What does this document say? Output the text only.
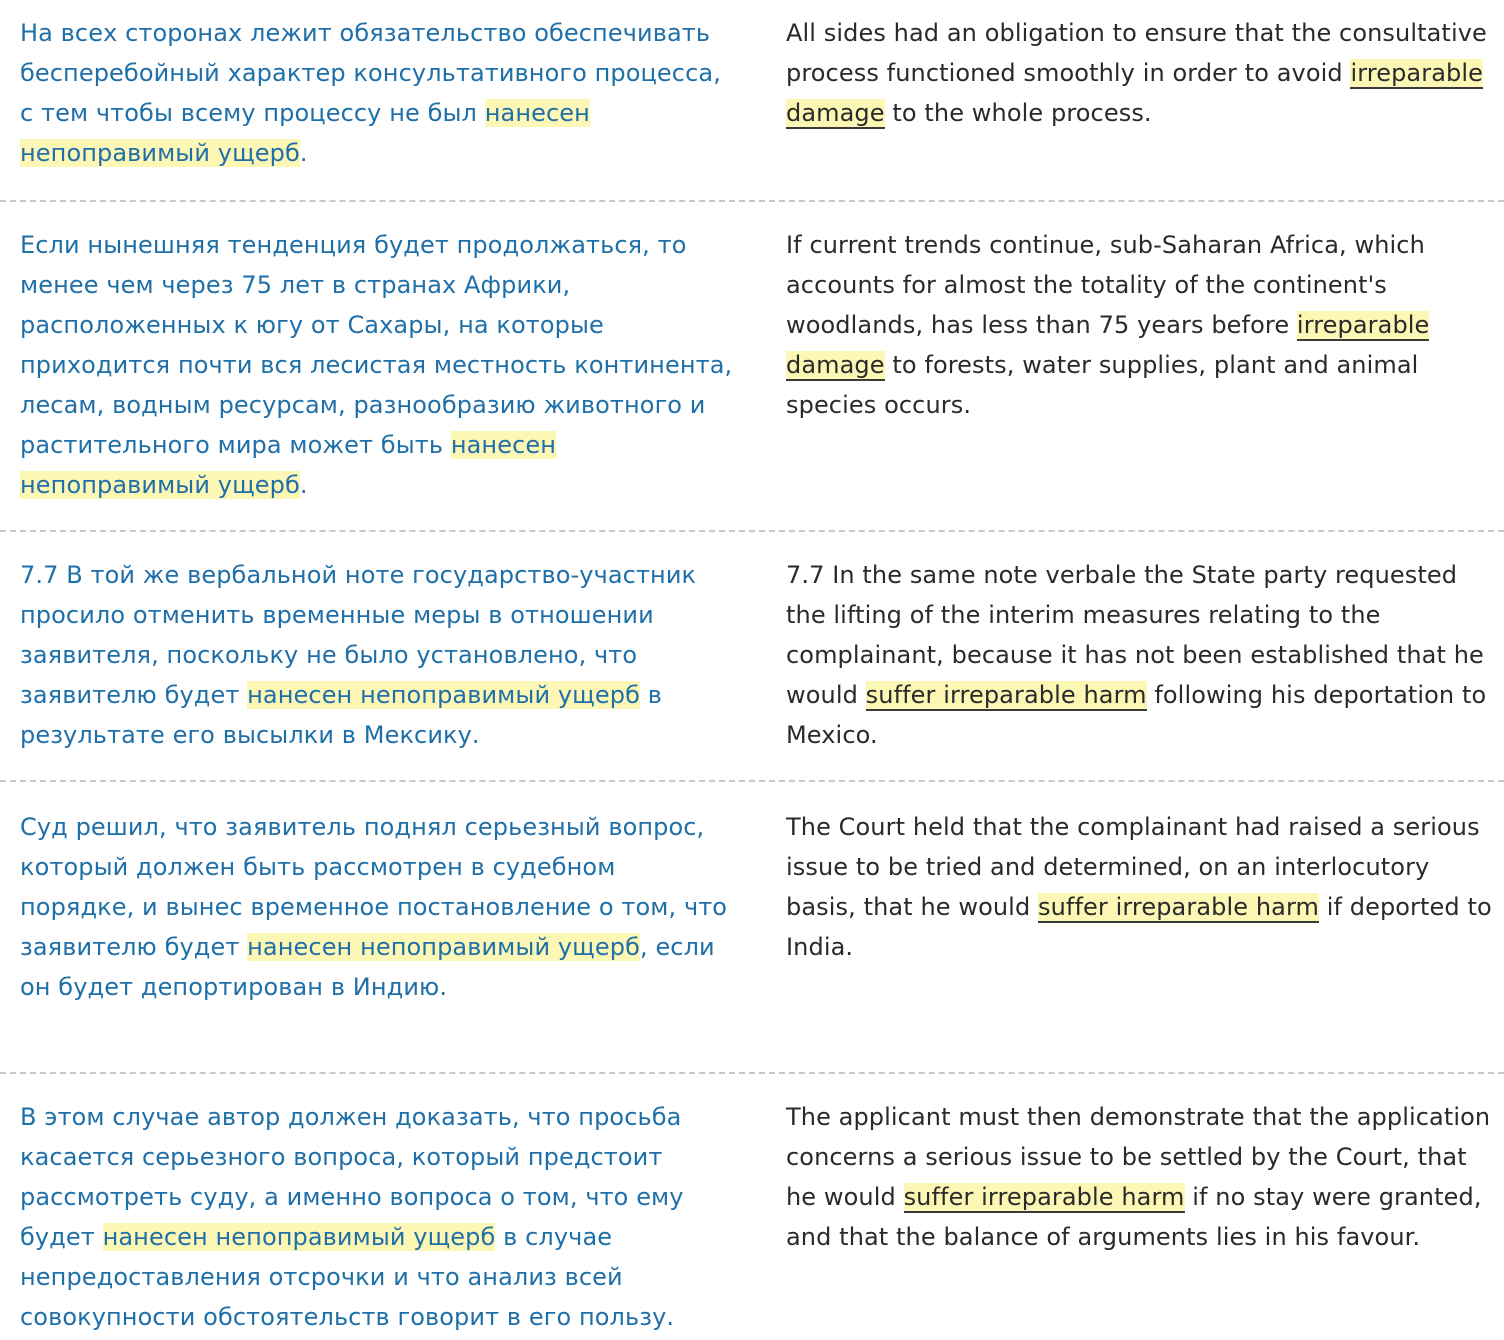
На всех сторонах лежит обязательство обеспечивать бесперебойный характер консультативного процесса, с тем чтобы всему процессу не был нанесен непоправимый ущерб.

All sides had an obligation to ensure that the consultative process functioned smoothly in order to avoid irreparable damage to the whole process.

Если нынешняя тенденция будет продолжаться, то менее чем через 75 лет в странах Африки, расположенных к югу от Сахары, на которые приходится почти вся лесистая местность континента, лесам, водным ресурсам, разнообразию животного и растительного мира может быть нанесен непоправимый ущерб.

If current trends continue, sub-Saharan Africa, which accounts for almost the totality of the continent's woodlands, has less than 75 years before irreparable damage to forests, water supplies, plant and animal species occurs.

7.7 В той же вербальной ноте государство-участник просило отменить временные меры в отношении заявителя, поскольку не было установлено, что заявителю будет нанесен непоправимый ущерб в результате его высылки в Мексику.

7.7 In the same note verbale the State party requested the lifting of the interim measures relating to the complainant, because it has not been established that he would suffer irreparable harm following his deportation to Mexico.

Суд решил, что заявитель поднял серьезный вопрос, который должен быть рассмотрен в судебном порядке, и вынес временное постановление о том, что заявителю будет нанесен непоправимый ущерб, если он будет депортирован в Индию.

The Court held that the complainant had raised a serious issue to be tried and determined, on an interlocutory basis, that he would suffer irreparable harm if deported to India.

В этом случае автор должен доказать, что просьба касается серьезного вопроса, который предстоит рассмотреть суду, а именно вопроса о том, что ему будет нанесен непоправимый ущерб в случае непредоставления отсрочки и что анализ всей совокупности обстоятельств говорит в его пользу.

The applicant must then demonstrate that the application concerns a serious issue to be settled by the Court, that he would suffer irreparable harm if no stay were granted, and that the balance of arguments lies in his favour.
